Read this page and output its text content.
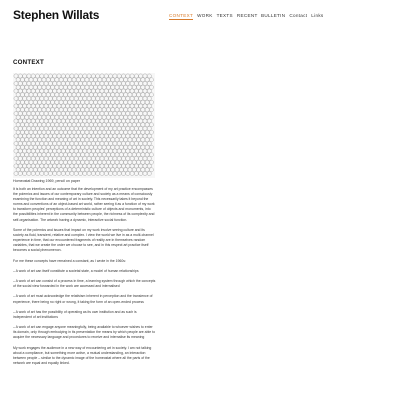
Stephen Willats	CONTEXT WORK TEXTS RECENT BULLETIN Contact Links
CONTEXT
Homeostat Drawing 1969, pencil on paper

It is both an intention and an outcome that the development of my art practice encompasses the polemics and issues of our contemporary culture and society as a means of consciously examining the function and meaning of art in society. This necessarily takes it beyond the norms and conventions of an object-based art world, rather seeing it as a function of my work to transform peoples' perceptions of a deterministic culture of objects and monuments, into the possibilities inherent in the community between people, the richness of its complexity and self-organisation. The artwork having a dynamic, interactive social function.

Some of the polemics and issues that impact on my work involve seeing culture and its society as fluid, transient, relative and complex. I view the world we live in as a multi-channel experience in time, that our encountered fragments of reality are in themselves random variables, that we create the order we choose to see, and in this respect art practice itself becomes a social phenomenon.

For me these concepts have remained a constant, as I wrote in the 1960s:

– A work of art can itself constitute a societal state, a model of human relationships

– A work of art can consist of a process in time, a learning system through which the concepts of the social view forwarded in the work are accessed and internalised

– A work of art must acknowledge the relativism inherent in perception and the transience of experience, there being no right or wrong, it taking the form of an open-ended process

– A work of art has the possibility of operating as its own institution and as such is independent of art institutions

– A work of art can engage anyone meaningfully, being available to whoever wishes to enter its domain, only through embodying in its presentation the means by which people are able to acquire the necessary language and procedures to receive and internalise its meaning

My work engages the audience in a new way of encountering art in society. I am not talking about a compliance, but something more active, a mutual understanding, an interaction between people – similar to the dynamic image of the homeostat where all the parts of the network are equal and equally linked.
